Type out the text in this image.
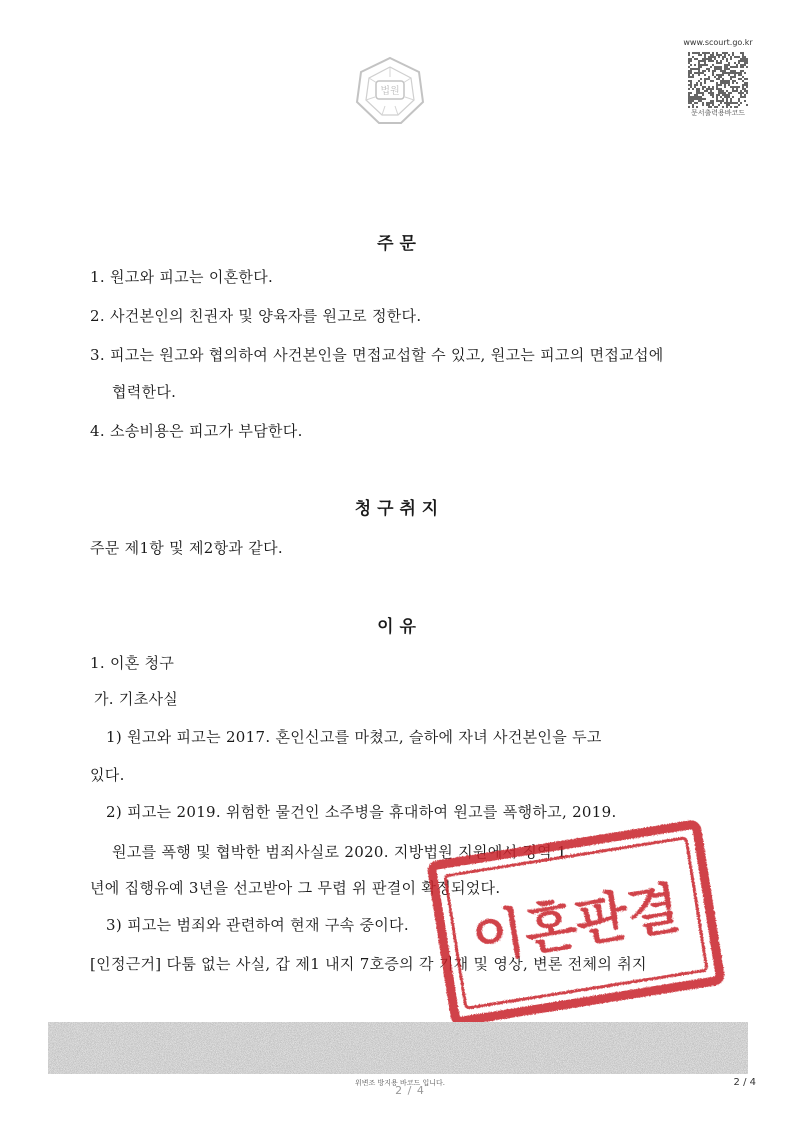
법원
www.scourt.go.kr
문서출력용바코드
주 문
1. 원고와 피고는 이혼한다.
2. 사건본인의 친권자 및 양육자를 원고로 정한다.
3. 피고는 원고와 협의하여 사건본인을 면접교섭할 수 있고, 원고는 피고의 면접교섭에
협력한다.
4. 소송비용은 피고가 부담한다.
청 구 취 지
주문 제1항 및 제2항과 같다.
이 유
1. 이혼 청구
가. 기초사실
1) 원고와 피고는 2017. 혼인신고를 마쳤고, 슬하에 자녀 사건본인을 두고
있다.
2) 피고는 2019. 위험한 물건인 소주병을 휴대하여 원고를 폭행하고, 2019.
원고를 폭행 및 협박한 범죄사실로 2020. 지방법원 지원에서 징역 1
년에 집행유예 3년을 선고받아 그 무렵 위 판결이 확정되었다.
3) 피고는 범죄와 관련하여 현재 구속 중이다.
[인정근거] 다툼 없는 사실, 갑 제1 내지 7호증의 각 기재 및 영상, 변론 전체의 취지
이혼판결
위변조 방지용 바코드 입니다.
2 / 4
2 / 4
